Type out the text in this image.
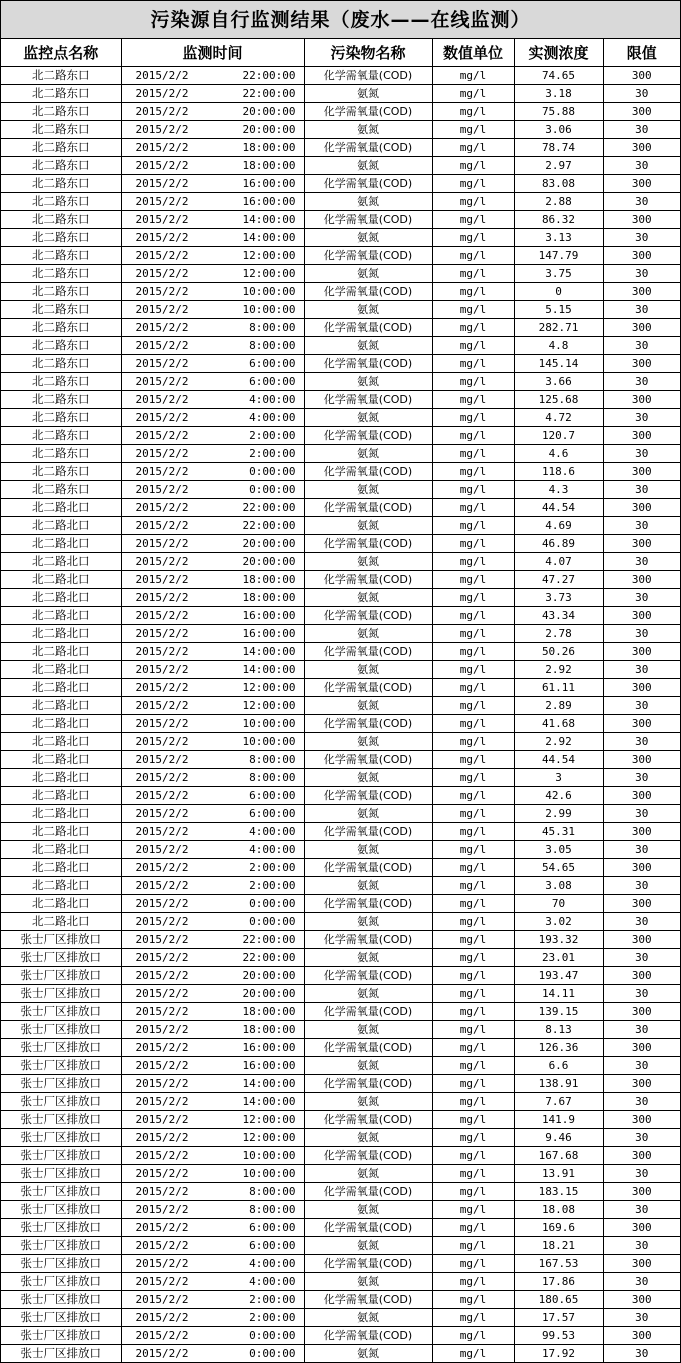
污染源自行监测结果（废水——在线监测）
监控点名称	监测时间	污染物名称	数值单位	实测浓度	限值
北二路东口	2015/2/2 22:00:00	化学需氧量(COD)	mg/l	74.65	300
北二路东口	2015/2/2 22:00:00	氨氮	mg/l	3.18	30
北二路东口	2015/2/2 20:00:00	化学需氧量(COD)	mg/l	75.88	300
北二路东口	2015/2/2 20:00:00	氨氮	mg/l	3.06	30
北二路东口	2015/2/2 18:00:00	化学需氧量(COD)	mg/l	78.74	300
北二路东口	2015/2/2 18:00:00	氨氮	mg/l	2.97	30
北二路东口	2015/2/2 16:00:00	化学需氧量(COD)	mg/l	83.08	300
北二路东口	2015/2/2 16:00:00	氨氮	mg/l	2.88	30
北二路东口	2015/2/2 14:00:00	化学需氧量(COD)	mg/l	86.32	300
北二路东口	2015/2/2 14:00:00	氨氮	mg/l	3.13	30
北二路东口	2015/2/2 12:00:00	化学需氧量(COD)	mg/l	147.79	300
北二路东口	2015/2/2 12:00:00	氨氮	mg/l	3.75	30
北二路东口	2015/2/2 10:00:00	化学需氧量(COD)	mg/l	0	300
北二路东口	2015/2/2 10:00:00	氨氮	mg/l	5.15	30
北二路东口	2015/2/2 8:00:00	化学需氧量(COD)	mg/l	282.71	300
北二路东口	2015/2/2 8:00:00	氨氮	mg/l	4.8	30
北二路东口	2015/2/2 6:00:00	化学需氧量(COD)	mg/l	145.14	300
北二路东口	2015/2/2 6:00:00	氨氮	mg/l	3.66	30
北二路东口	2015/2/2 4:00:00	化学需氧量(COD)	mg/l	125.68	300
北二路东口	2015/2/2 4:00:00	氨氮	mg/l	4.72	30
北二路东口	2015/2/2 2:00:00	化学需氧量(COD)	mg/l	120.7	300
北二路东口	2015/2/2 2:00:00	氨氮	mg/l	4.6	30
北二路东口	2015/2/2 0:00:00	化学需氧量(COD)	mg/l	118.6	300
北二路东口	2015/2/2 0:00:00	氨氮	mg/l	4.3	30
北二路北口	2015/2/2 22:00:00	化学需氧量(COD)	mg/l	44.54	300
北二路北口	2015/2/2 22:00:00	氨氮	mg/l	4.69	30
北二路北口	2015/2/2 20:00:00	化学需氧量(COD)	mg/l	46.89	300
北二路北口	2015/2/2 20:00:00	氨氮	mg/l	4.07	30
北二路北口	2015/2/2 18:00:00	化学需氧量(COD)	mg/l	47.27	300
北二路北口	2015/2/2 18:00:00	氨氮	mg/l	3.73	30
北二路北口	2015/2/2 16:00:00	化学需氧量(COD)	mg/l	43.34	300
北二路北口	2015/2/2 16:00:00	氨氮	mg/l	2.78	30
北二路北口	2015/2/2 14:00:00	化学需氧量(COD)	mg/l	50.26	300
北二路北口	2015/2/2 14:00:00	氨氮	mg/l	2.92	30
北二路北口	2015/2/2 12:00:00	化学需氧量(COD)	mg/l	61.11	300
北二路北口	2015/2/2 12:00:00	氨氮	mg/l	2.89	30
北二路北口	2015/2/2 10:00:00	化学需氧量(COD)	mg/l	41.68	300
北二路北口	2015/2/2 10:00:00	氨氮	mg/l	2.92	30
北二路北口	2015/2/2 8:00:00	化学需氧量(COD)	mg/l	44.54	300
北二路北口	2015/2/2 8:00:00	氨氮	mg/l	3	30
北二路北口	2015/2/2 6:00:00	化学需氧量(COD)	mg/l	42.6	300
北二路北口	2015/2/2 6:00:00	氨氮	mg/l	2.99	30
北二路北口	2015/2/2 4:00:00	化学需氧量(COD)	mg/l	45.31	300
北二路北口	2015/2/2 4:00:00	氨氮	mg/l	3.05	30
北二路北口	2015/2/2 2:00:00	化学需氧量(COD)	mg/l	54.65	300
北二路北口	2015/2/2 2:00:00	氨氮	mg/l	3.08	30
北二路北口	2015/2/2 0:00:00	化学需氧量(COD)	mg/l	70	300
北二路北口	2015/2/2 0:00:00	氨氮	mg/l	3.02	30
张士厂区排放口	2015/2/2 22:00:00	化学需氧量(COD)	mg/l	193.32	300
张士厂区排放口	2015/2/2 22:00:00	氨氮	mg/l	23.01	30
张士厂区排放口	2015/2/2 20:00:00	化学需氧量(COD)	mg/l	193.47	300
张士厂区排放口	2015/2/2 20:00:00	氨氮	mg/l	14.11	30
张士厂区排放口	2015/2/2 18:00:00	化学需氧量(COD)	mg/l	139.15	300
张士厂区排放口	2015/2/2 18:00:00	氨氮	mg/l	8.13	30
张士厂区排放口	2015/2/2 16:00:00	化学需氧量(COD)	mg/l	126.36	300
张士厂区排放口	2015/2/2 16:00:00	氨氮	mg/l	6.6	30
张士厂区排放口	2015/2/2 14:00:00	化学需氧量(COD)	mg/l	138.91	300
张士厂区排放口	2015/2/2 14:00:00	氨氮	mg/l	7.67	30
张士厂区排放口	2015/2/2 12:00:00	化学需氧量(COD)	mg/l	141.9	300
张士厂区排放口	2015/2/2 12:00:00	氨氮	mg/l	9.46	30
张士厂区排放口	2015/2/2 10:00:00	化学需氧量(COD)	mg/l	167.68	300
张士厂区排放口	2015/2/2 10:00:00	氨氮	mg/l	13.91	30
张士厂区排放口	2015/2/2 8:00:00	化学需氧量(COD)	mg/l	183.15	300
张士厂区排放口	2015/2/2 8:00:00	氨氮	mg/l	18.08	30
张士厂区排放口	2015/2/2 6:00:00	化学需氧量(COD)	mg/l	169.6	300
张士厂区排放口	2015/2/2 6:00:00	氨氮	mg/l	18.21	30
张士厂区排放口	2015/2/2 4:00:00	化学需氧量(COD)	mg/l	167.53	300
张士厂区排放口	2015/2/2 4:00:00	氨氮	mg/l	17.86	30
张士厂区排放口	2015/2/2 2:00:00	化学需氧量(COD)	mg/l	180.65	300
张士厂区排放口	2015/2/2 2:00:00	氨氮	mg/l	17.57	30
张士厂区排放口	2015/2/2 0:00:00	化学需氧量(COD)	mg/l	99.53	300
张士厂区排放口	2015/2/2 0:00:00	氨氮	mg/l	17.92	30
